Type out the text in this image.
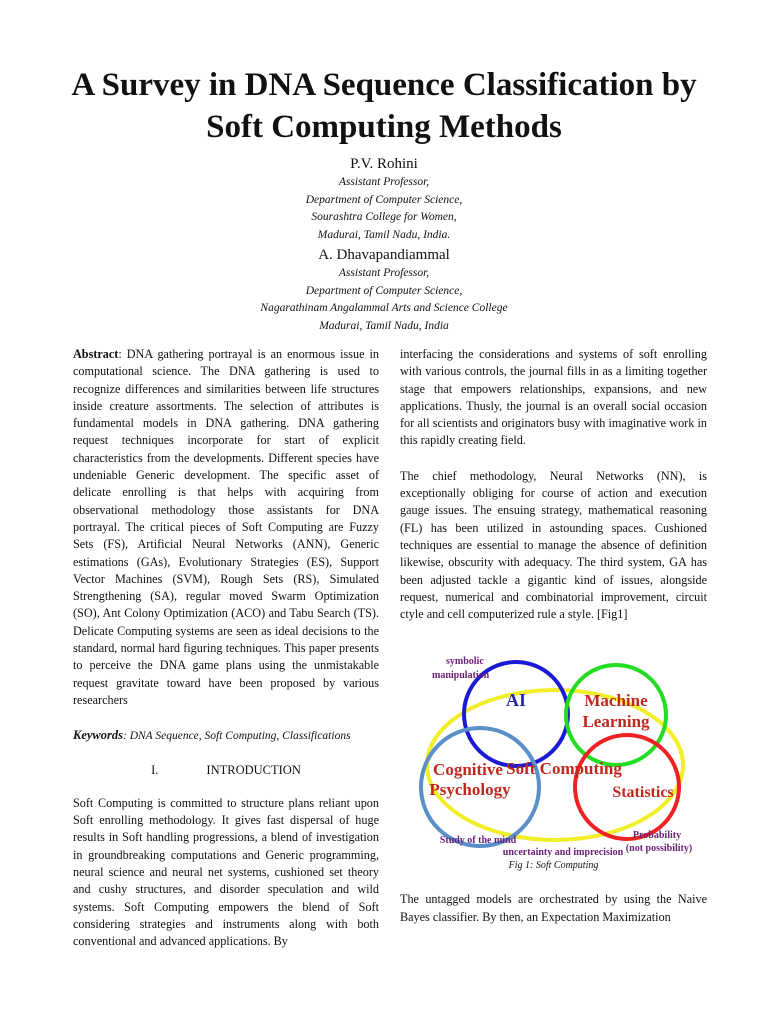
A Survey in DNA Sequence Classification by Soft Computing Methods
P.V. Rohini
Assistant Professor,
Department of Computer Science,
Sourashtra College for Women,
Madurai, Tamil Nadu, India.
A. Dhavapandiammal
Assistant Professor,
Department of Computer Science,
Nagarathinam Angalammal Arts and Science College
Madurai, Tamil Nadu, India

Abstract: DNA gathering portrayal is an enormous issue in computational science. The DNA gathering is used to recognize differences and similarities between life structures inside creature assortments. The selection of attributes is fundamental models in DNA gathering. DNA gathering request techniques incorporate for start of explicit characteristics from the developments. Different species have undeniable Generic development. The specific asset of delicate enrolling is that helps with acquiring from observational methodology those assistants for DNA portrayal. The critical pieces of Soft Computing are Fuzzy Sets (FS), Artificial Neural Networks (ANN), Generic estimations (GAs), Evolutionary Strategies (ES), Support Vector Machines (SVM), Rough Sets (RS), Simulated Strengthening (SA), regular moved Swarm Optimization (SO), Ant Colony Optimization (ACO) and Tabu Search (TS). Delicate Computing systems are seen as ideal decisions to the standard, normal hard figuring techniques. This paper presents to perceive the DNA game plans using the unmistakable request gravitate toward have been proposed by various researchers

Keywords: DNA Sequence, Soft Computing, Classifications

I.	INTRODUCTION

Soft Computing is committed to structure plans reliant upon Soft enrolling methodology. It gives fast dispersal of huge results in Soft handling progressions, a blend of investigation in groundbreaking computations and Generic programming, neural science and neural net systems, cushioned set theory and cushy structures, and disorder speculation and wild systems. Soft Computing empowers the blend of Soft considering strategies and instruments along with both conventional and advanced applications. By

interfacing the considerations and systems of soft enrolling with various controls, the journal fills in as a limiting together stage that empowers relationships, expansions, and new applications. Thusly, the journal is an overall social occasion for all scientists and originators busy with imaginative work in this rapidly creating field.

The chief methodology, Neural Networks (NN), is exceptionally obliging for course of action and execution gauge issues. The ensuing strategy, mathematical reasoning (FL) has been utilized in astounding spaces. Cushioned techniques are essential to manage the absence of definition likewise, obscurity with adequacy. The third system, GA has been adjusted tackle a gigantic kind of issues, alongside request, numerical and combinatorial improvement, circuit ctyle and cell computerized rule a style. [Fig1]

symbolic
manipulation
AI	Machine
Learning
Cognitive
Psychology
Soft Computing
Statistics
Study of the mind	Probability
(not possibility)
uncertainty and imprecision
Fig 1: Soft Computing

The untagged models are orchestrated by using the Naive Bayes classifier. By then, an Expectation Maximization
